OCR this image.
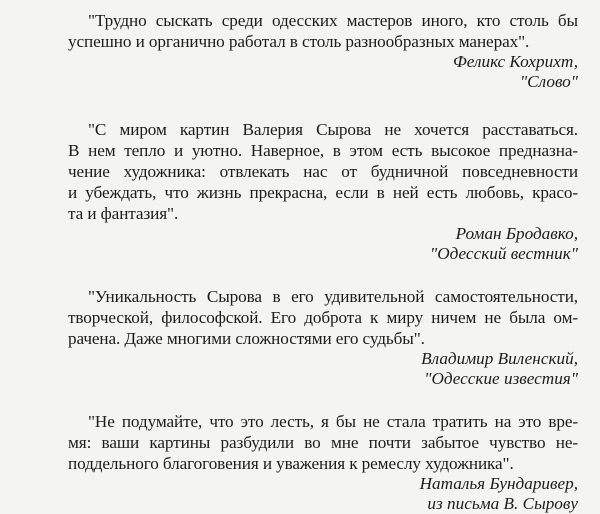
"Трудно сыскать среди одесских мастеров иного, кто столь бы
успешно и органично работал в столь разнообразных манерах".

Феликс Кохрихт,
"Слово"

"С миром картин Валерия Сырова не хочется расставаться.
В нем тепло и уютно. Наверное, в этом есть высокое предназна-
чение художника: отвлекать нас от будничной повседневности
и убеждать, что жизнь прекрасна, если в ней есть любовь, красо-
та и фантазия".

Роман Бродавко,
"Одесский вестник"

"Уникальность Сырова в его удивительной самостоятельности,
творческой, философской. Его доброта к миру ничем не была ом-
рачена. Даже многими сложностями его судьбы".

Владимир Виленский,
"Одесские известия"

"Не подумайте, что это лесть, я бы не стала тратить на это вре-
мя: ваши картины разбудили во мне почти забытое чувство не-
поддельного благоговения и уважения к ремеслу художника".

Наталья Бундаривер,
из письма В. Сырову
